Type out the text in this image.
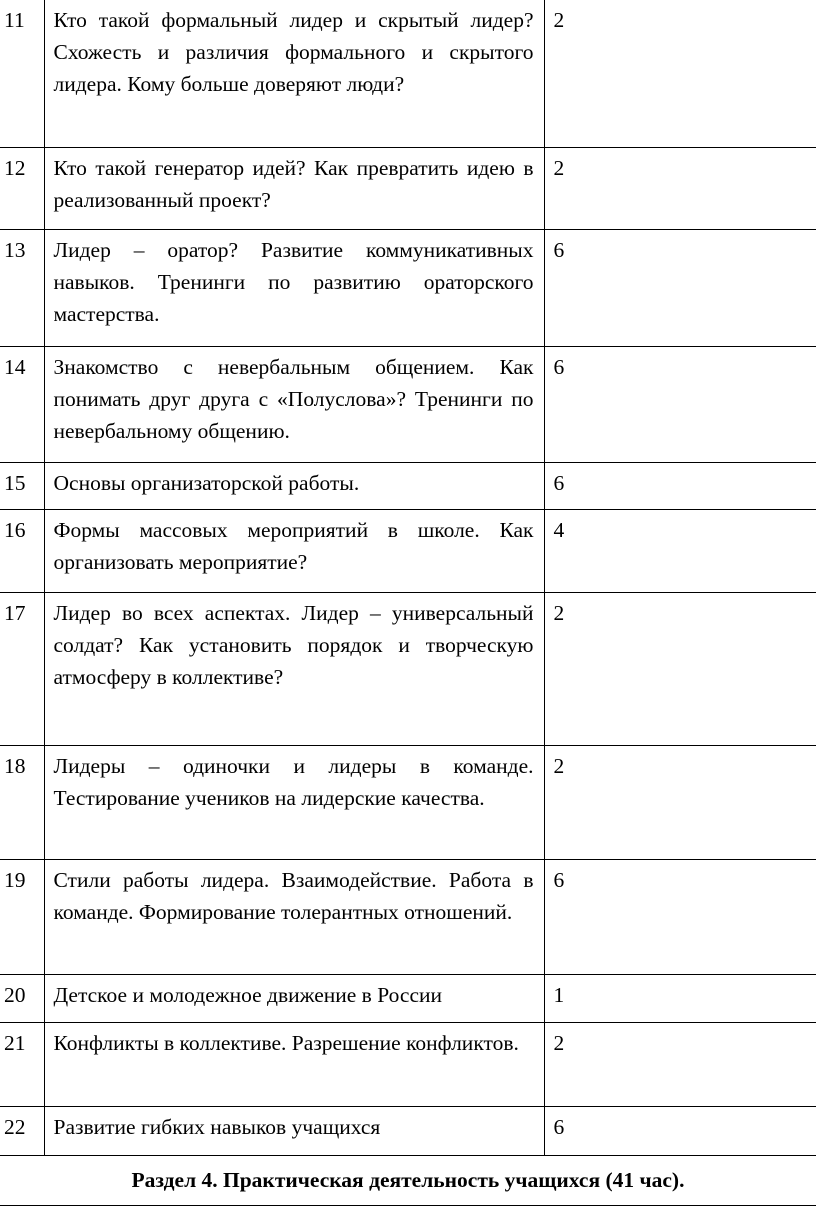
11	Кто такой формальный лидер и скрытый лидер? Схожесть и различия формального и скрытого лидера. Кому больше доверяют люди?	2
12	Кто такой генератор идей? Как превратить идею в реализованный проект?	2
13	Лидер – оратор? Развитие коммуникативных навыков. Тренинги по развитию ораторского мастерства.	6
14	Знакомство с невербальным общением. Как понимать друг друга с «Полуслова»? Тренинги по невербальному общению.	6
15	Основы организаторской работы.	6
16	Формы массовых мероприятий в школе. Как организовать мероприятие?	4
17	Лидер во всех аспектах. Лидер – универсальный солдат? Как установить порядок и творческую атмосферу в коллективе?	2
18	Лидеры – одиночки и лидеры в команде. Тестирование учеников на лидерские качества.	2
19	Стили работы лидера. Взаимодействие. Работа в команде. Формирование толерантных отношений.	6
20	Детское и молодежное движение в России	1
21	Конфликты в коллективе. Разрешение конфликтов.	2
22	Развитие гибких навыков учащихся	6
Раздел 4. Практическая деятельность учащихся (41 час).		
